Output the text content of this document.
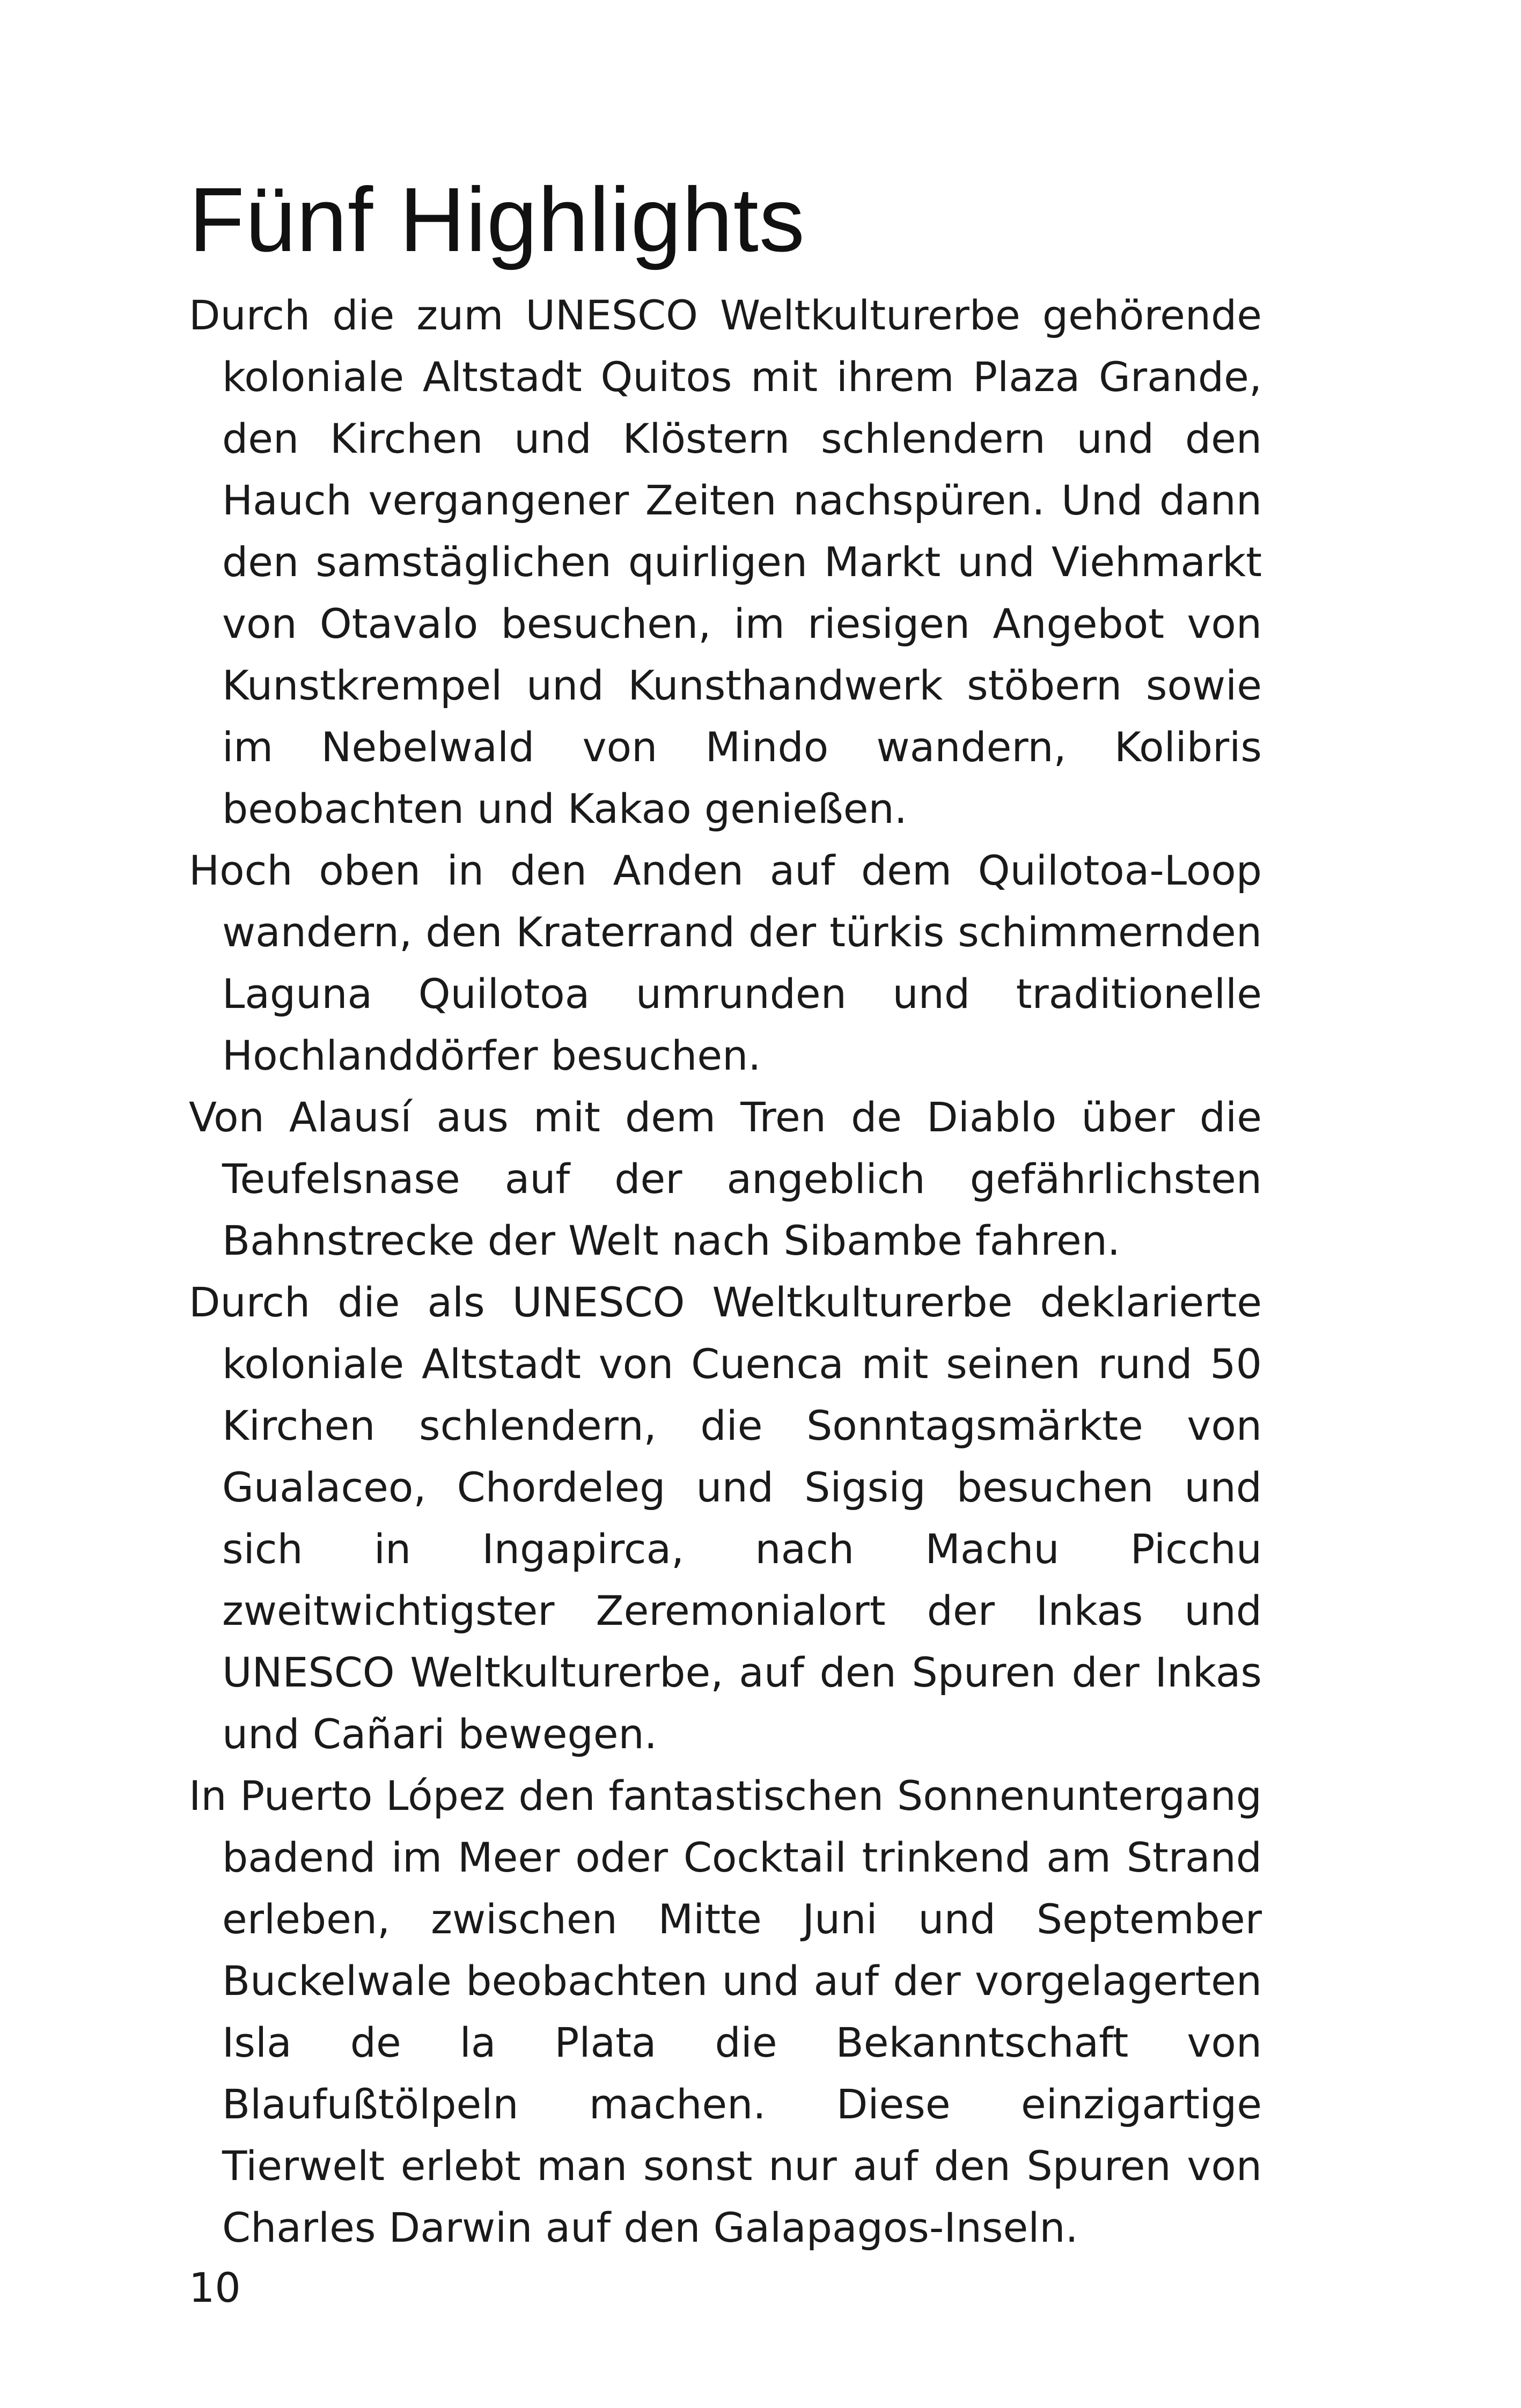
Fünf Highlights
Durch die zum UNESCO Weltkulturerbe gehörende koloniale Altstadt Quitos mit ihrem Plaza Grande, den Kirchen und Klöstern schlendern und den Hauch vergangener Zeiten nachspüren. Und dann den samstäglichen quirligen Markt und Viehmarkt von Otavalo besuchen, im riesigen Angebot von Kunstkrempel und Kunsthandwerk stöbern sowie im Nebelwald von Mindo wandern, Kolibris beobachten und Kakao genießen.
Hoch oben in den Anden auf dem Quilotoa-Loop wandern, den Kraterrand der türkis schimmernden Laguna Quilotoa umrunden und traditionelle Hochlanddörfer besuchen.
Von Alausí aus mit dem Tren de Diablo über die Teufelsnase auf der angeblich gefährlichsten Bahnstrecke der Welt nach Sibambe fahren.
Durch die als UNESCO Weltkulturerbe deklarierte koloniale Altstadt von Cuenca mit seinen rund 50 Kirchen schlendern, die Sonntagsmärkte von Gualaceo, Chordeleg und Sigsig besuchen und sich in Ingapirca, nach Machu Picchu zweitwichtigster Zeremonialort der Inkas und UNESCO Weltkulturerbe, auf den Spuren der Inkas und Cañari bewegen.
In Puerto López den fantastischen Sonnenuntergang badend im Meer oder Cocktail trinkend am Strand erleben, zwischen Mitte Juni und September Buckelwale beobachten und auf der vorgelagerten Isla de la Plata die Bekanntschaft von Blaufußtölpeln machen. Diese einzigartige Tierwelt erlebt man sonst nur auf den Spuren von Charles Darwin auf den Galapagos-Inseln.
10
